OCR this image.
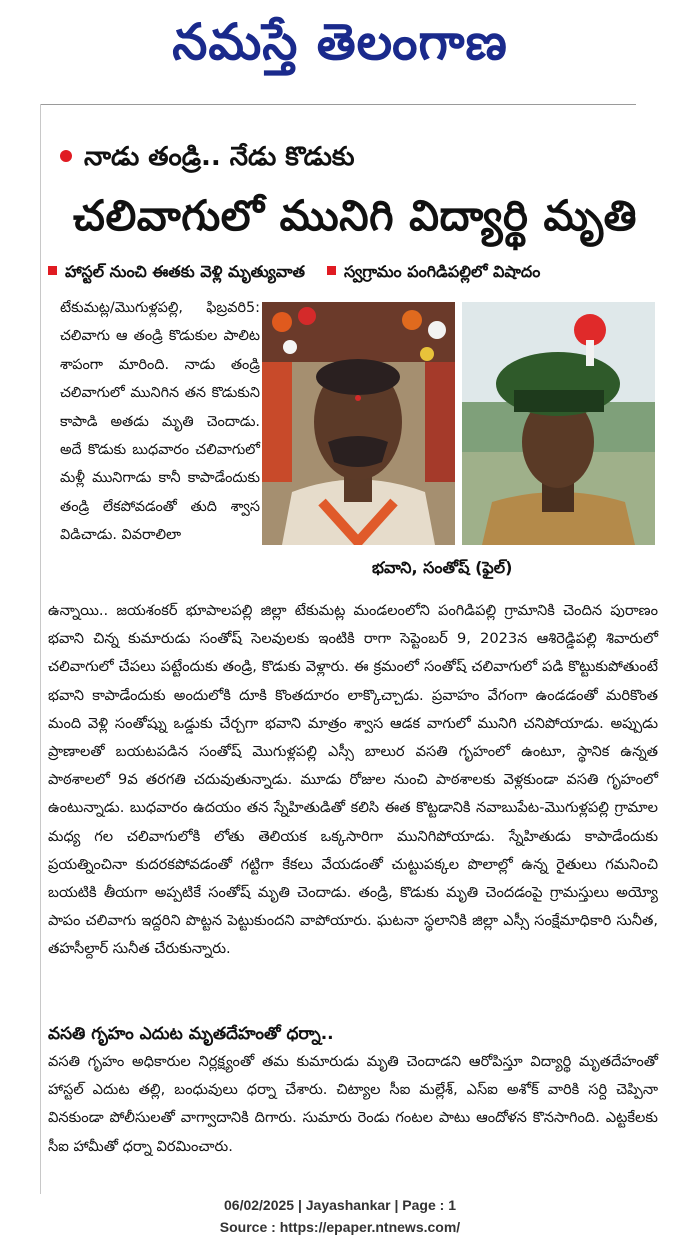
నమస్తే తెలంగాణ
నాడు తండ్రి.. నేడు కొడుకు
చలివాగులో మునిగి విద్యార్థి మృతి
హాస్టల్ నుంచి ఈతకు వెళ్లి మృత్యువాత స్వగ్రామం పంగిడిపల్లిలో విషాదం
టేకుమట్ల/మొగుళ్లపల్లి, ఫిబ్రవరి5: చలివాగు ఆ తండ్రి కొడుకుల పాలిట శాపంగా మారింది. నాడు తండ్రి చలివాగులో మునిగిన తన కొడుకుని కాపాడి అతడు మృతి చెందాడు. అదే కొడుకు బుధవారం చలివాగులో మళ్లీ మునిగాడు కానీ కాపాడేందుకు తండ్రి లేకపోవడంతో తుది శ్వాస విడిచాడు. వివరాలిలా
భవాని, సంతోష్ (ఫైల్)
ఉన్నాయి.. జయశంకర్ భూపాలపల్లి జిల్లా టేకుమట్ల మండలంలోని పంగిడిపల్లి గ్రామానికి చెందిన పురాణం భవాని చిన్న కుమారుడు సంతోష్ సెలవులకు ఇంటికి రాగా సెప్టెంబర్ 9, 2023న ఆశిరెడ్డిపల్లి శివారులో చలివాగులో చేపలు పట్టేందుకు తండ్రి, కొడుకు వెళ్లారు. ఈ క్రమంలో సంతోష్ చలివాగులో పడి కొట్టుకుపోతుంటే భవాని కాపాడేందుకు అందులోకి దూకి కొంతదూరం లాక్కొచ్చాడు. ప్రవాహం వేగంగా ఉండడంతో మరికొంత మంది వెళ్లి సంతోష్ను ఒడ్డుకు చేర్చగా భవాని మాత్రం శ్వాస ఆడక వాగులో మునిగి చనిపోయాడు. అప్పుడు ప్రాణాలతో బయటపడిన సంతోష్ మొగుళ్లపల్లి ఎస్సీ బాలుర వసతి గృహంలో ఉంటూ, స్థానిక ఉన్నత పాఠశాలలో 9వ తరగతి చదువుతున్నాడు. మూడు రోజుల నుంచి పాఠశాలకు వెళ్లకుండా వసతి గృహంలో ఉంటున్నాడు. బుధవారం ఉదయం తన స్నేహితుడితో కలిసి ఈత కొట్టడానికి నవాబుపేట-మొగుళ్లపల్లి గ్రామాల మధ్య గల చలివాగులోకి లోతు తెలియక ఒక్కసారిగా మునిగిపోయాడు. స్నేహితుడు కాపాడేందుకు ప్రయత్నించినా కుదరకపోవడంతో గట్టిగా కేకలు వేయడంతో చుట్టుపక్కల పొలాల్లో ఉన్న రైతులు గమనించి బయటికి తీయగా అప్పటికే సంతోష్ మృతి చెందాడు. తండ్రి, కొడుకు మృతి చెందడంపై గ్రామస్తులు అయ్యో పాపం చలివాగు ఇద్దరిని పొట్టన పెట్టుకుందని వాపోయారు. ఘటనా స్థలానికి జిల్లా ఎస్సీ సంక్షేమాధికారి సునీత, తహసీల్దార్ సునీత చేరుకున్నారు.
వసతి గృహం ఎదుట మృతదేహంతో ధర్నా..
వసతి గృహం అధికారుల నిర్లక్ష్యంతో తమ కుమారుడు మృతి చెందాడని ఆరోపిస్తూ విద్యార్థి మృతదేహంతో హాస్టల్ ఎదుట తల్లి, బంధువులు ధర్నా చేశారు. చిట్యాల సీఐ మల్లేశ్, ఎస్ఐ అశోక్ వారికి సర్ది చెప్పినా వినకుండా పోలీసులతో వాగ్వాదానికి దిగారు. సుమారు రెండు గంటల పాటు ఆందోళన కొనసాగింది. ఎట్టకేలకు సీఐ హామీతో ధర్నా విరమించారు.
06/02/2025 | Jayashankar | Page : 1
Source : https://epaper.ntnews.com/
